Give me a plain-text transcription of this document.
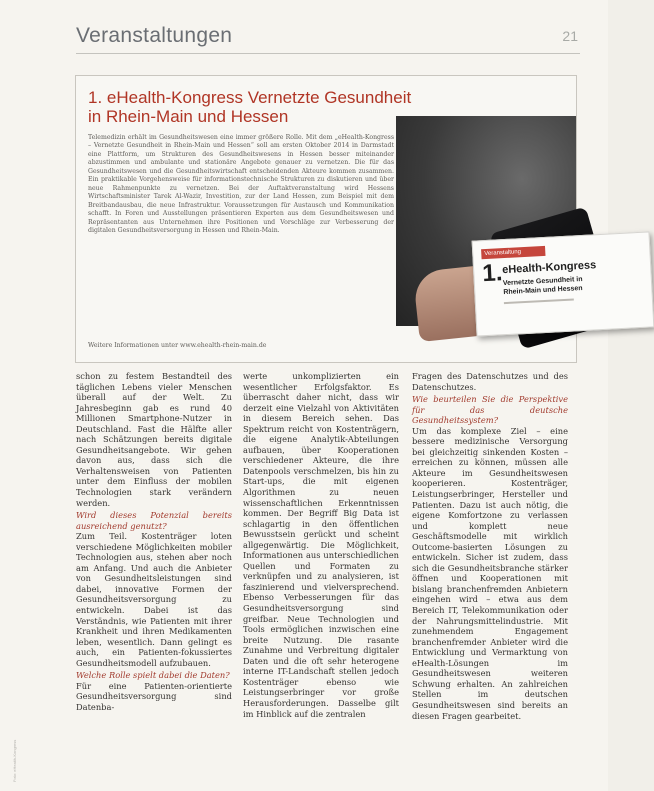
Veranstaltungen	21
1. eHealth-Kongress Vernetzte Gesundheit in Rhein-Main und Hessen
Telemedizin erhält im Gesundheitswesen eine immer größere Rolle. Mit dem „eHealth-Kongress – Vernetzte Gesundheit in Rhein-Main und Hessen“ soll am ersten Oktober 2014 in Darmstadt eine Plattform, um Strukturen des Gesundheitswesens in Hessen besser miteinander abzustimmen und ambulante und stationäre Angebote genauer zu vernetzen. Die für das Gesundheitswesen und die Gesundheitswirtschaft entscheidenden Akteure kommen zusammen. Ein praktikable Vorgehensweise für informationstechnische Strukturen zu diskutieren und über neue Rahmenpunkte zu vernetzen. Bei der Auftaktveranstaltung wird Hessens Wirtschaftsminister Tarek Al-Wazir, Investition, zur der Land Hessen, zum Beispiel mit dem Breitbandausbau, die neue Infrastruktur. Voraussetzungen für Austausch und Kommunikation schafft. In Foren und Ausstellungen präsentieren Experten aus dem Gesundheitswesen und Repräsentanten aus Unternehmen ihre Positionen und Vorschläge zur Verbesserung der digitalen Gesundheitsversorgung in Hessen und Rhein-Main.
Weitere Informationen unter www.ehealth-rhein-main.de
Veranstaltung
1.
eHealth-Kongress
Vernetzte Gesundheit in
Rhein-Main und Hessen

schon zu festem Bestandteil des täglichen Lebens vieler Menschen überall auf der Welt. Zu Jahresbeginn gab es rund 40 Millionen Smartphone-Nutzer in Deutschland. Fast die Hälfte aller nach Schätzungen bereits digitale Gesundheitsangebote. Wir gehen davon aus, dass sich die Verhaltensweisen von Patienten unter dem Einfluss der mobilen Technologien stark verändern werden.

Wird dieses Potenzial bereits ausreichend genutzt?

Zum Teil. Kostenträger loten verschiedene Möglichkeiten mobiler Technologien aus, stehen aber noch am Anfang. Und auch die Anbieter von Gesundheitsleistungen sind dabei, innovative Formen der Gesundheitsversorgung zu entwickeln. Dabei ist das Verständnis, wie Patienten mit ihrer Krankheit und ihren Medikamenten leben, wesentlich. Dann gelingt es auch, ein Patienten-fokussiertes Gesundheitsmodell aufzubauen.

Welche Rolle spielt dabei die Daten?

Für eine Patienten-orientierte Gesundheitsversorgung sind Datenba-

werte unkomplizierten ein wesentlicher Erfolgsfaktor. Es überrascht daher nicht, dass wir derzeit eine Vielzahl von Aktivitäten in diesem Bereich sehen. Das Spektrum reicht von Kostenträgern, die eigene Analytik-Abteilungen aufbauen, über Kooperationen verschiedener Akteure, die ihre Datenpools verschmelzen, bis hin zu Start-ups, die mit eigenen Algorithmen zu neuen wissenschaftlichen Erkenntnissen kommen. Der Begriff Big Data ist schlagartig in den öffentlichen Bewusstsein gerückt und scheint allgegenwärtig. Die Möglichkeit, Informationen aus unterschiedlichen Quellen und Formaten zu verknüpfen und zu analysieren, ist faszinierend und vielversprechend. Ebenso Verbesserungen für das Gesundheitsversorgung sind greifbar. Neue Technologien und Tools ermöglichen inzwischen eine breite Nutzung. Die rasante Zunahme und Verbreitung digitaler Daten und die oft sehr heterogene interne IT-Landschaft stellen jedoch Kostenträger ebenso wie Leistungserbringer vor große Herausforderungen. Dasselbe gilt im Hinblick auf die zentralen

Fragen des Datenschutzes und des Datenschutzes.

Wie beurteilen Sie die Perspektive für das deutsche Gesundheitssystem?

Um das komplexe Ziel – eine bessere medizinische Versorgung bei gleichzeitig sinkenden Kosten – erreichen zu können, müssen alle Akteure im Gesundheitswesen kooperieren. Kostenträger, Leistungserbringer, Hersteller und Patienten. Dazu ist auch nötig, die eigene Komfortzone zu verlassen und komplett neue Geschäftsmodelle mit wirklich Outcome-basierten Lösungen zu entwickeln. Sicher ist zudem, dass sich die Gesundheitsbranche stärker öffnen und Kooperationen mit bislang branchenfremden Anbietern eingehen wird – etwa aus dem Bereich IT, Telekommunikation oder der Nahrungsmittelindustrie. Mit zunehmendem Engagement branchenfremder Anbieter wird die Entwicklung und Vermarktung von eHealth-Lösungen im Gesundheitswesen weiteren Schwung erhalten. An zahlreichen Stellen im deutschen Gesundheitswesen sind bereits an diesen Fragen gearbeitet.

Foto: eHealth-Kongress
